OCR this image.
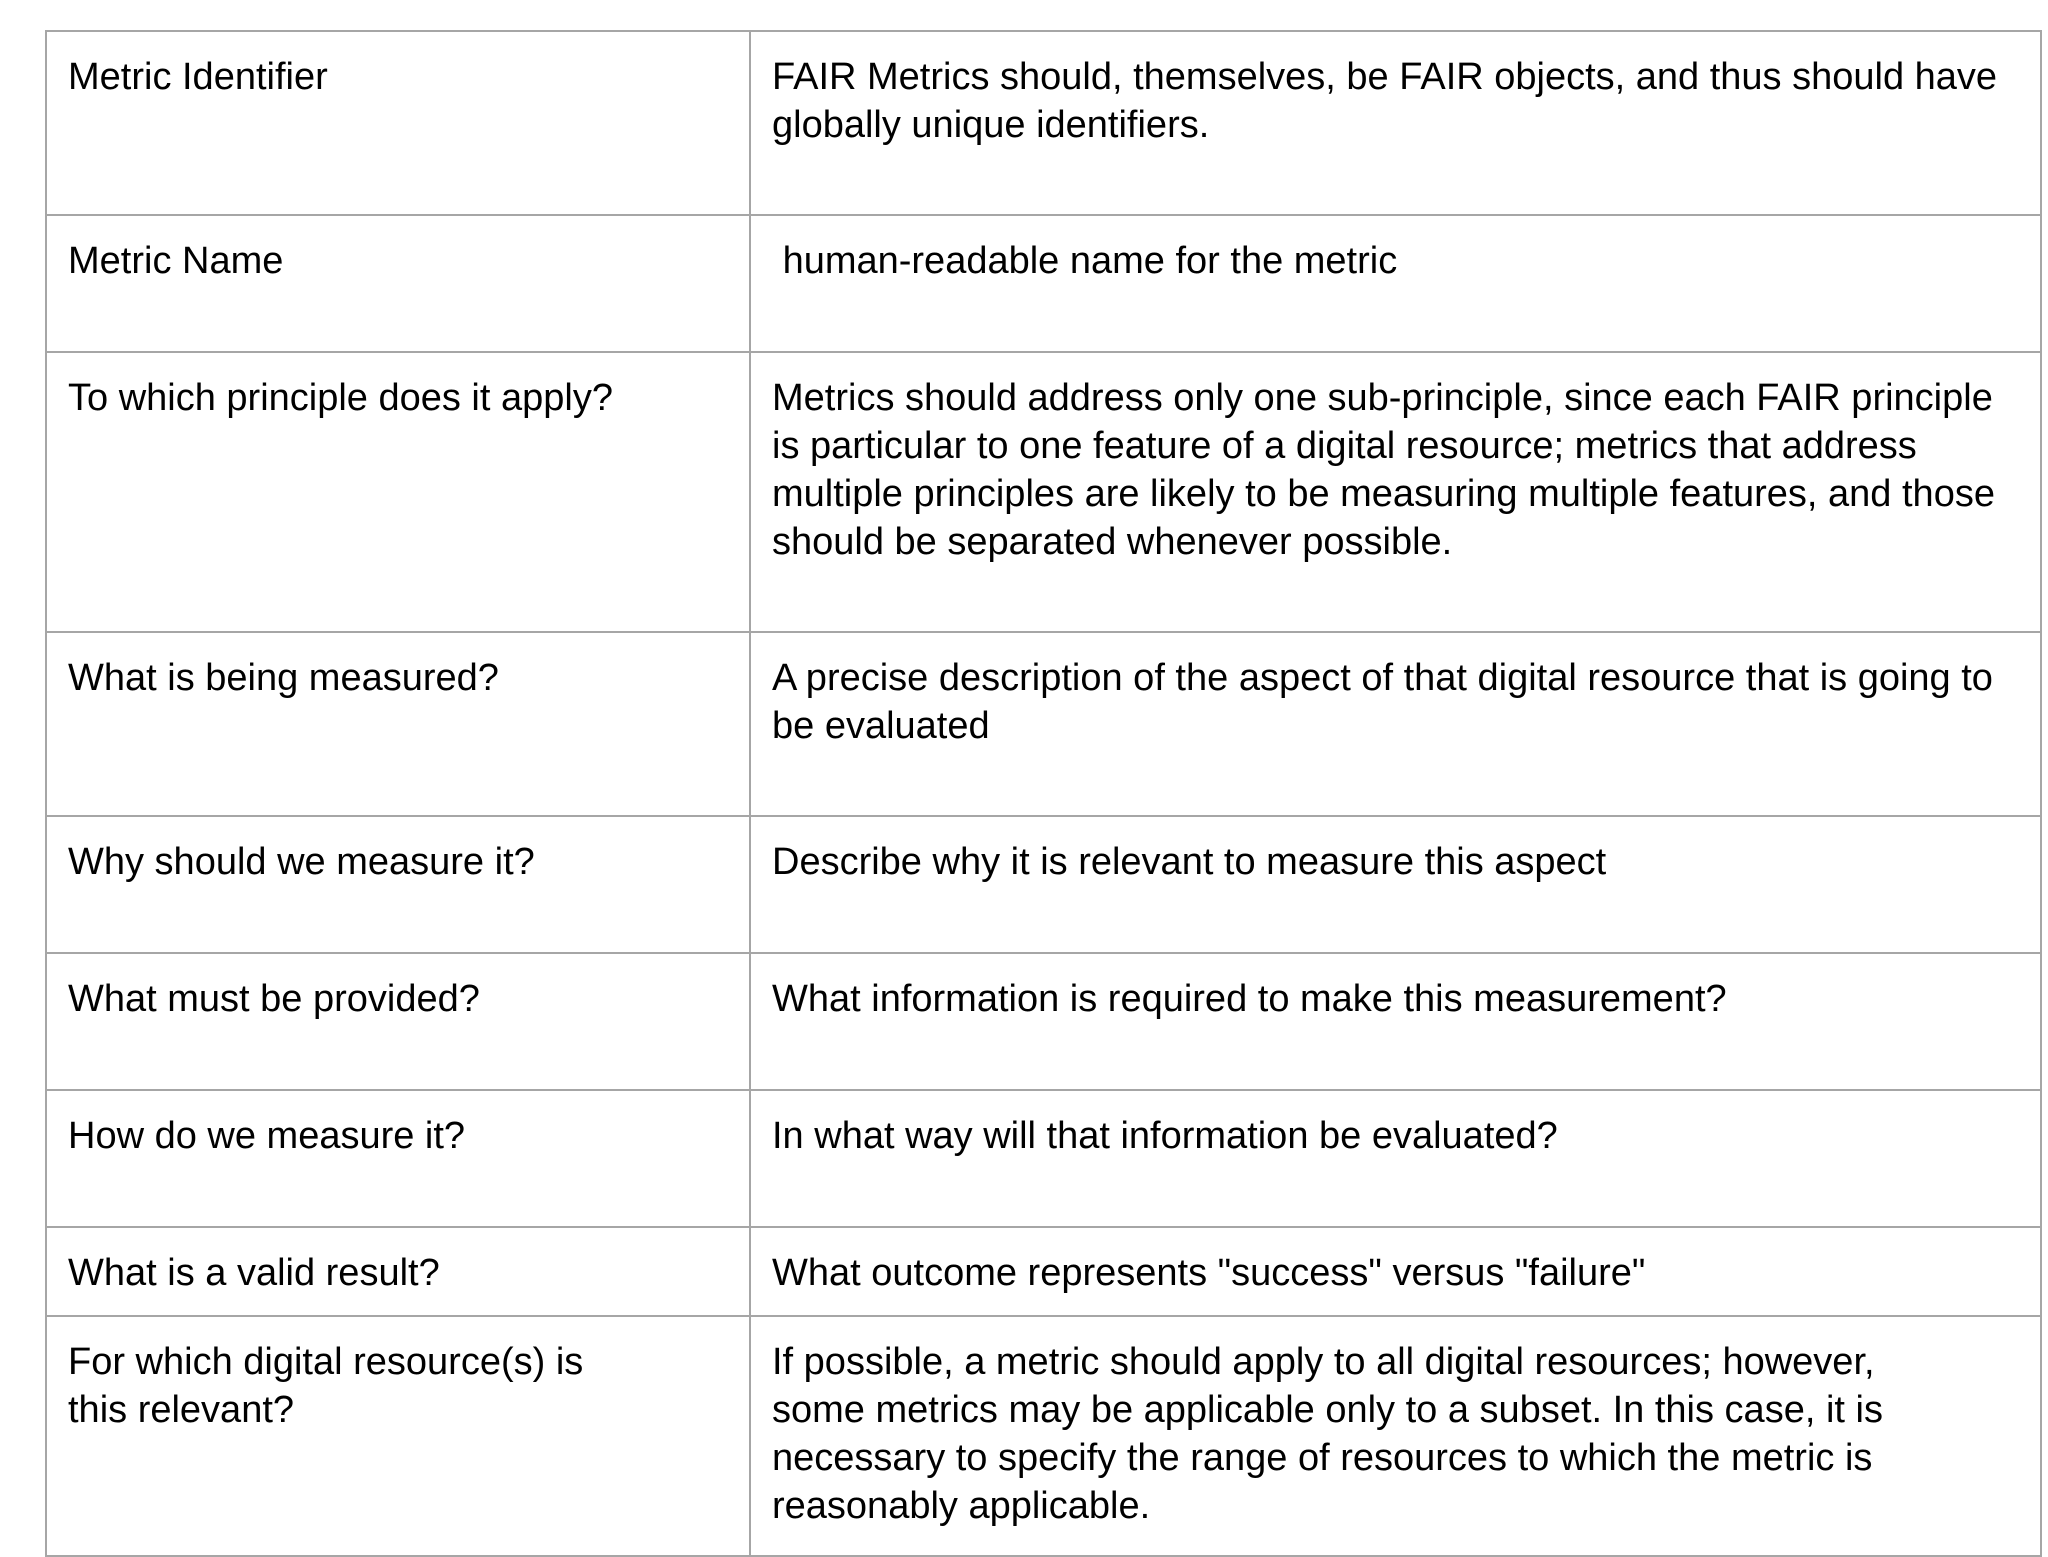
Metric Identifier	FAIR Metrics should, themselves, be FAIR objects, and thus should have globally unique identifiers.
Metric Name	human-readable name for the metric
To which principle does it apply?	Metrics should address only one sub-principle, since each FAIR principle is particular to one feature of a digital resource; metrics that address multiple principles are likely to be measuring multiple features, and those should be separated whenever possible.
What is being measured?	A precise description of the aspect of that digital resource that is going to be evaluated
Why should we measure it?	Describe why it is relevant to measure this aspect
What must be provided?	What information is required to make this measurement?
How do we measure it?	In what way will that information be evaluated?
What is a valid result?	What outcome represents "success" versus "failure"
For which digital resource(s) is this relevant?	If possible, a metric should apply to all digital resources; however, some metrics may be applicable only to a subset. In this case, it is necessary to specify the range of resources to which the metric is reasonably applicable.
